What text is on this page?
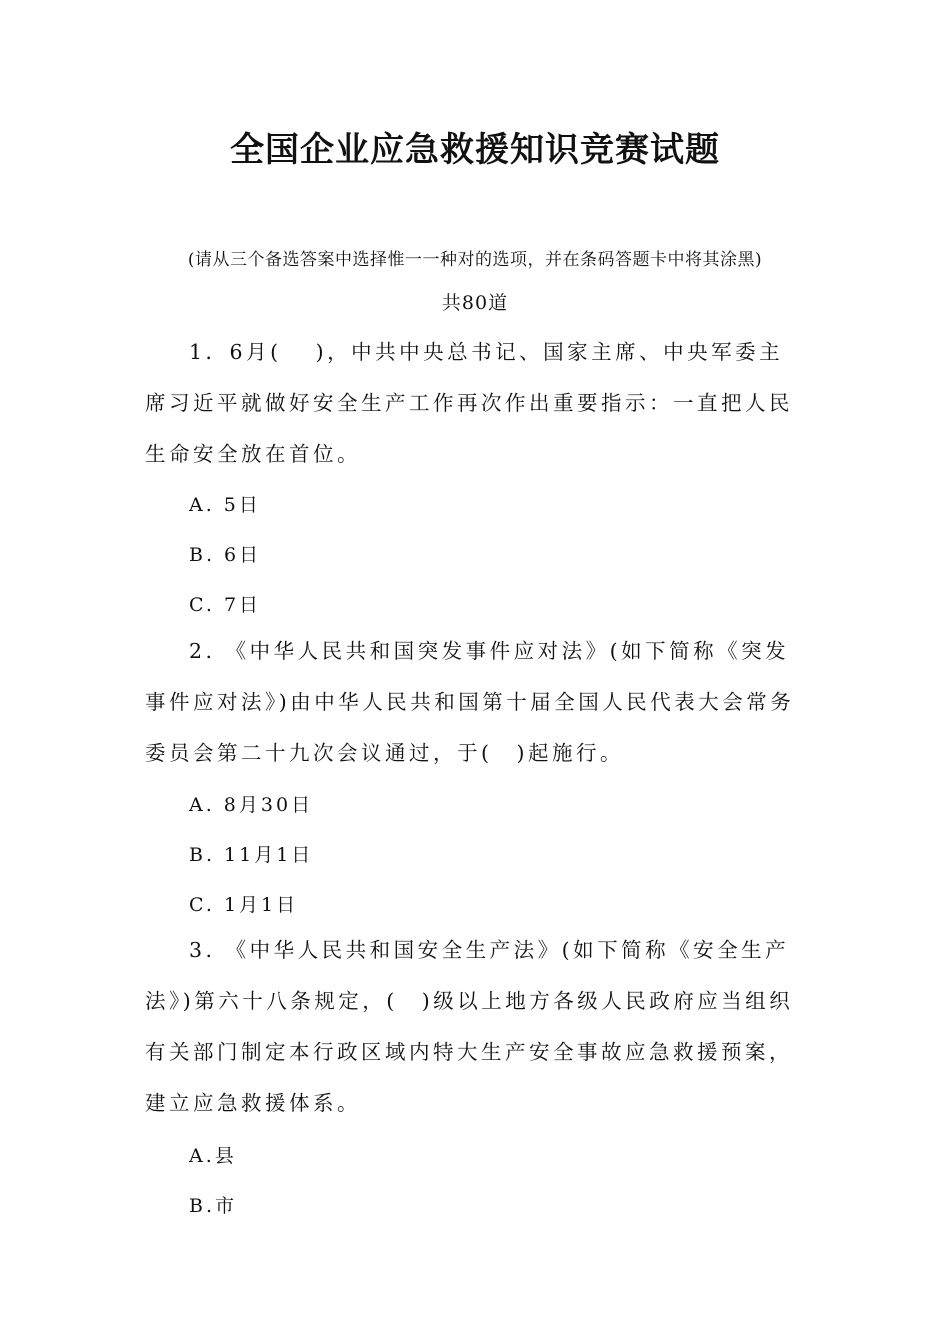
全国企业应急救援知识竞赛试题
(请从三个备选答案中选择惟一一种对的选项，并在条码答题卡中将其涂黑)
共80道
1．6月(　 )，中共中央总书记、国家主席、中央军委主席习近平就做好安全生产工作再次作出重要指示：一直把人民生命安全放在首位。
A. 5日
B. 6日
C. 7日
2. 《中华人民共和国突发事件应对法》(如下简称《突发事件应对法》)由中华人民共和国第十届全国人民代表大会常务委员会第二十九次会议通过，于(　)起施行。
A. 8月30日
B. 11月1日
C. 1月1日
3. 《中华人民共和国安全生产法》(如下简称《安全生产法》)第六十八条规定，(　)级以上地方各级人民政府应当组织有关部门制定本行政区域内特大生产安全事故应急救援预案，建立应急救援体系。
A.县
B.市
